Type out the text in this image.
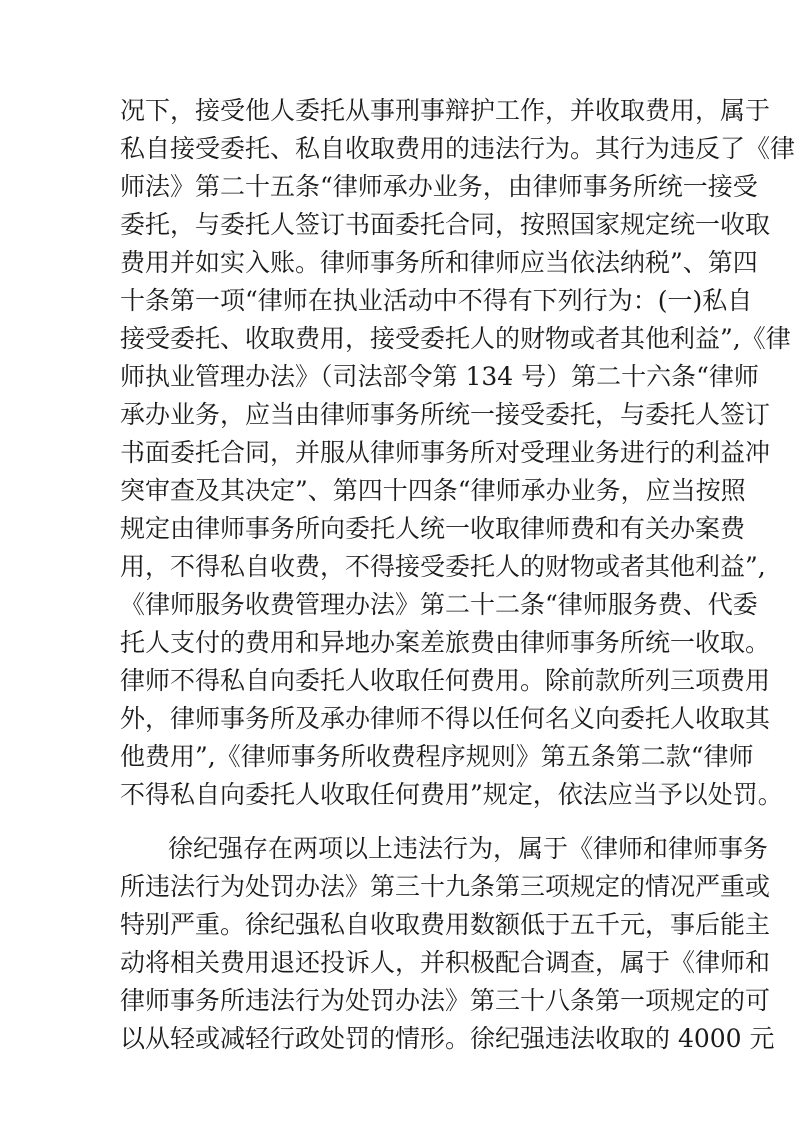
况下，接受他人委托从事刑事辩护工作，并收取费用，属于
私自接受委托、私自收取费用的违法行为。其行为违反了《律
师法》第二十五条“律师承办业务，由律师事务所统一接受
委托，与委托人签订书面委托合同，按照国家规定统一收取
费用并如实入账。律师事务所和律师应当依法纳税”、第四
十条第一项“律师在执业活动中不得有下列行为：(一)私自
接受委托、收取费用，接受委托人的财物或者其他利益”,《律
师执业管理办法》（司法部令第 134 号）第二十六条“律师
承办业务，应当由律师事务所统一接受委托，与委托人签订
书面委托合同，并服从律师事务所对受理业务进行的利益冲
突审查及其决定”、第四十四条“律师承办业务，应当按照
规定由律师事务所向委托人统一收取律师费和有关办案费
用，不得私自收费，不得接受委托人的财物或者其他利益”,
《律师服务收费管理办法》第二十二条“律师服务费、代委
托人支付的费用和异地办案差旅费由律师事务所统一收取。
律师不得私自向委托人收取任何费用。除前款所列三项费用
外，律师事务所及承办律师不得以任何名义向委托人收取其
他费用”,《律师事务所收费程序规则》第五条第二款“律师
不得私自向委托人收取任何费用”规定，依法应当予以处罚。
徐纪强存在两项以上违法行为，属于《律师和律师事务
所违法行为处罚办法》第三十九条第三项规定的情况严重或
特别严重。徐纪强私自收取费用数额低于五千元，事后能主
动将相关费用退还投诉人，并积极配合调查，属于《律师和
律师事务所违法行为处罚办法》第三十八条第一项规定的可
以从轻或减轻行政处罚的情形。徐纪强违法收取的 4000 元
